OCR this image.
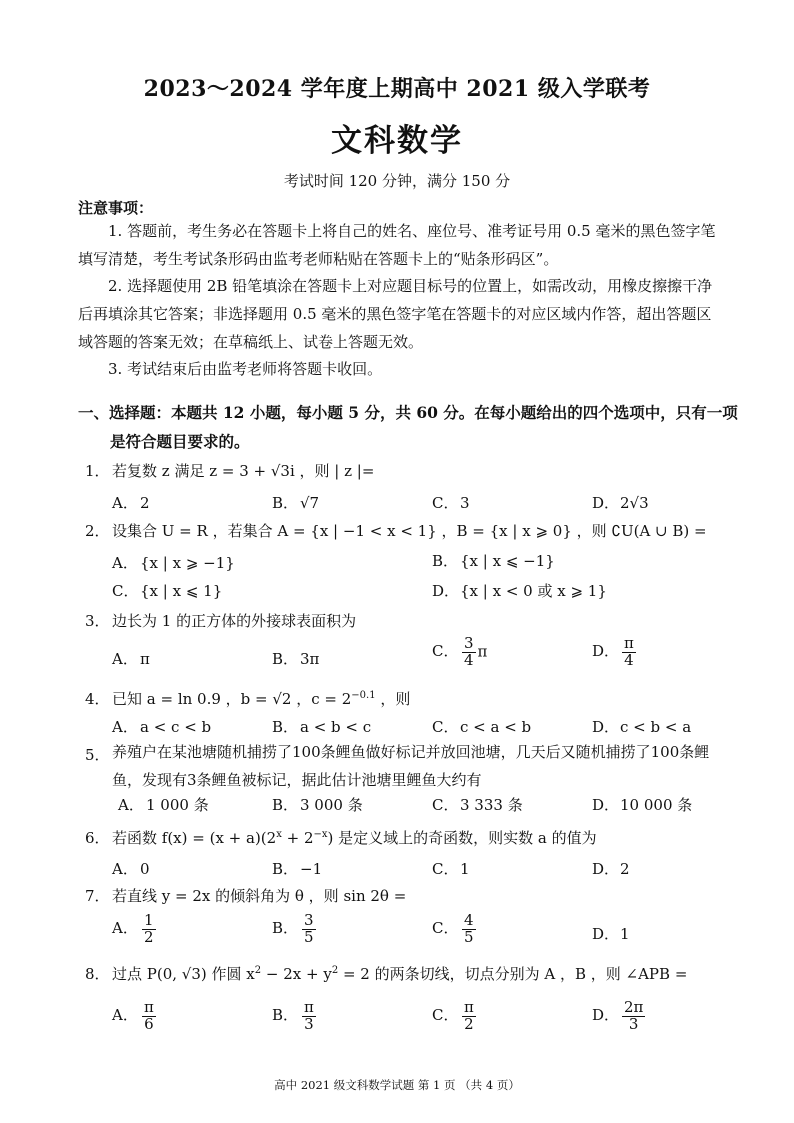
2023～2024 学年度上期高中 2021 级入学联考
文科数学
考试时间 120 分钟，满分 150 分
注意事项：

1. 答题前，考生务必在答题卡上将自己的姓名、座位号、准考证号用 0.5 毫米的黑色签字笔填写清楚，考生考试条形码由监考老师粘贴在答题卡上的“贴条形码区”。

2. 选择题使用 2B 铅笔填涂在答题卡上对应题目标号的位置上，如需改动，用橡皮擦擦干净后再填涂其它答案；非选择题用 0.5 毫米的黑色签字笔在答题卡的对应区域内作答，超出答题区域答题的答案无效；在草稿纸上、试卷上答题无效。

3. 考试结束后由监考老师将答题卡收回。

一、选择题：本题共 12 小题，每小题 5 分，共 60 分。在每小题给出的四个选项中，只有一项是符合题目要求的。
1． 若复数 z 满足 z = 3 + √3i ，则 | z |=
A． 2	B． √7	C． 3	D．2√3
2． 设集合 U = R ，若集合 A = {x | −1 < x < 1} ，B = {x | x ⩾ 0} ，则 ∁U(A ∪ B) =
A． {x | x ⩾ −1}	B． {x | x ⩽ −1}
C． {x | x ⩽ 1}	D．{x | x < 0 或 x ⩾ 1}
3． 边长为 1 的正方体的外接球表面积为
A． π	B． 3π	C． $\frac{3}{4}$ π	D． $\frac{\pi}{4}$
4． 已知 a = ln 0.9 ，b = √2 ，$c = 2^{-0.1}$ ，则
A． a < c < b	B． a < b < c	C． c < a < b	D．c < b < a
5． 养殖户在某池塘随机捕捞了100条鲤鱼做好标记并放回池塘，几天后又随机捕捞了100条鲤鱼，发现有3条鲤鱼被标记，据此估计池塘里鲤鱼大约有
A． 1 000 条	B． 3 000 条	C． 3 333 条	D．10 000 条
6． 若函数 $f(x) = (x + a)(2^x + 2^{-x})$ 是定义域上的奇函数，则实数 a 的值为
A． 0	B． −1	C． 1	D．2
7． 若直线 y = 2x 的倾斜角为 θ ，则 sin 2θ =
A． $\frac{1}{2}$	B． $\frac{3}{5}$	C． $\frac{4}{5}$	D．1
8． 过点 P(0, √3) 作圆 $x^2 - 2x + y^2 = 2$ 的两条切线，切点分别为 A ，B ，则 ∠APB =
A． $\frac{\pi}{6}$	B． $\frac{\pi}{3}$	C． $\frac{\pi}{2}$	D． $\frac{2\pi}{3}$
高中 2021 级文科数学试题 第 1 页 （共 4 页）
